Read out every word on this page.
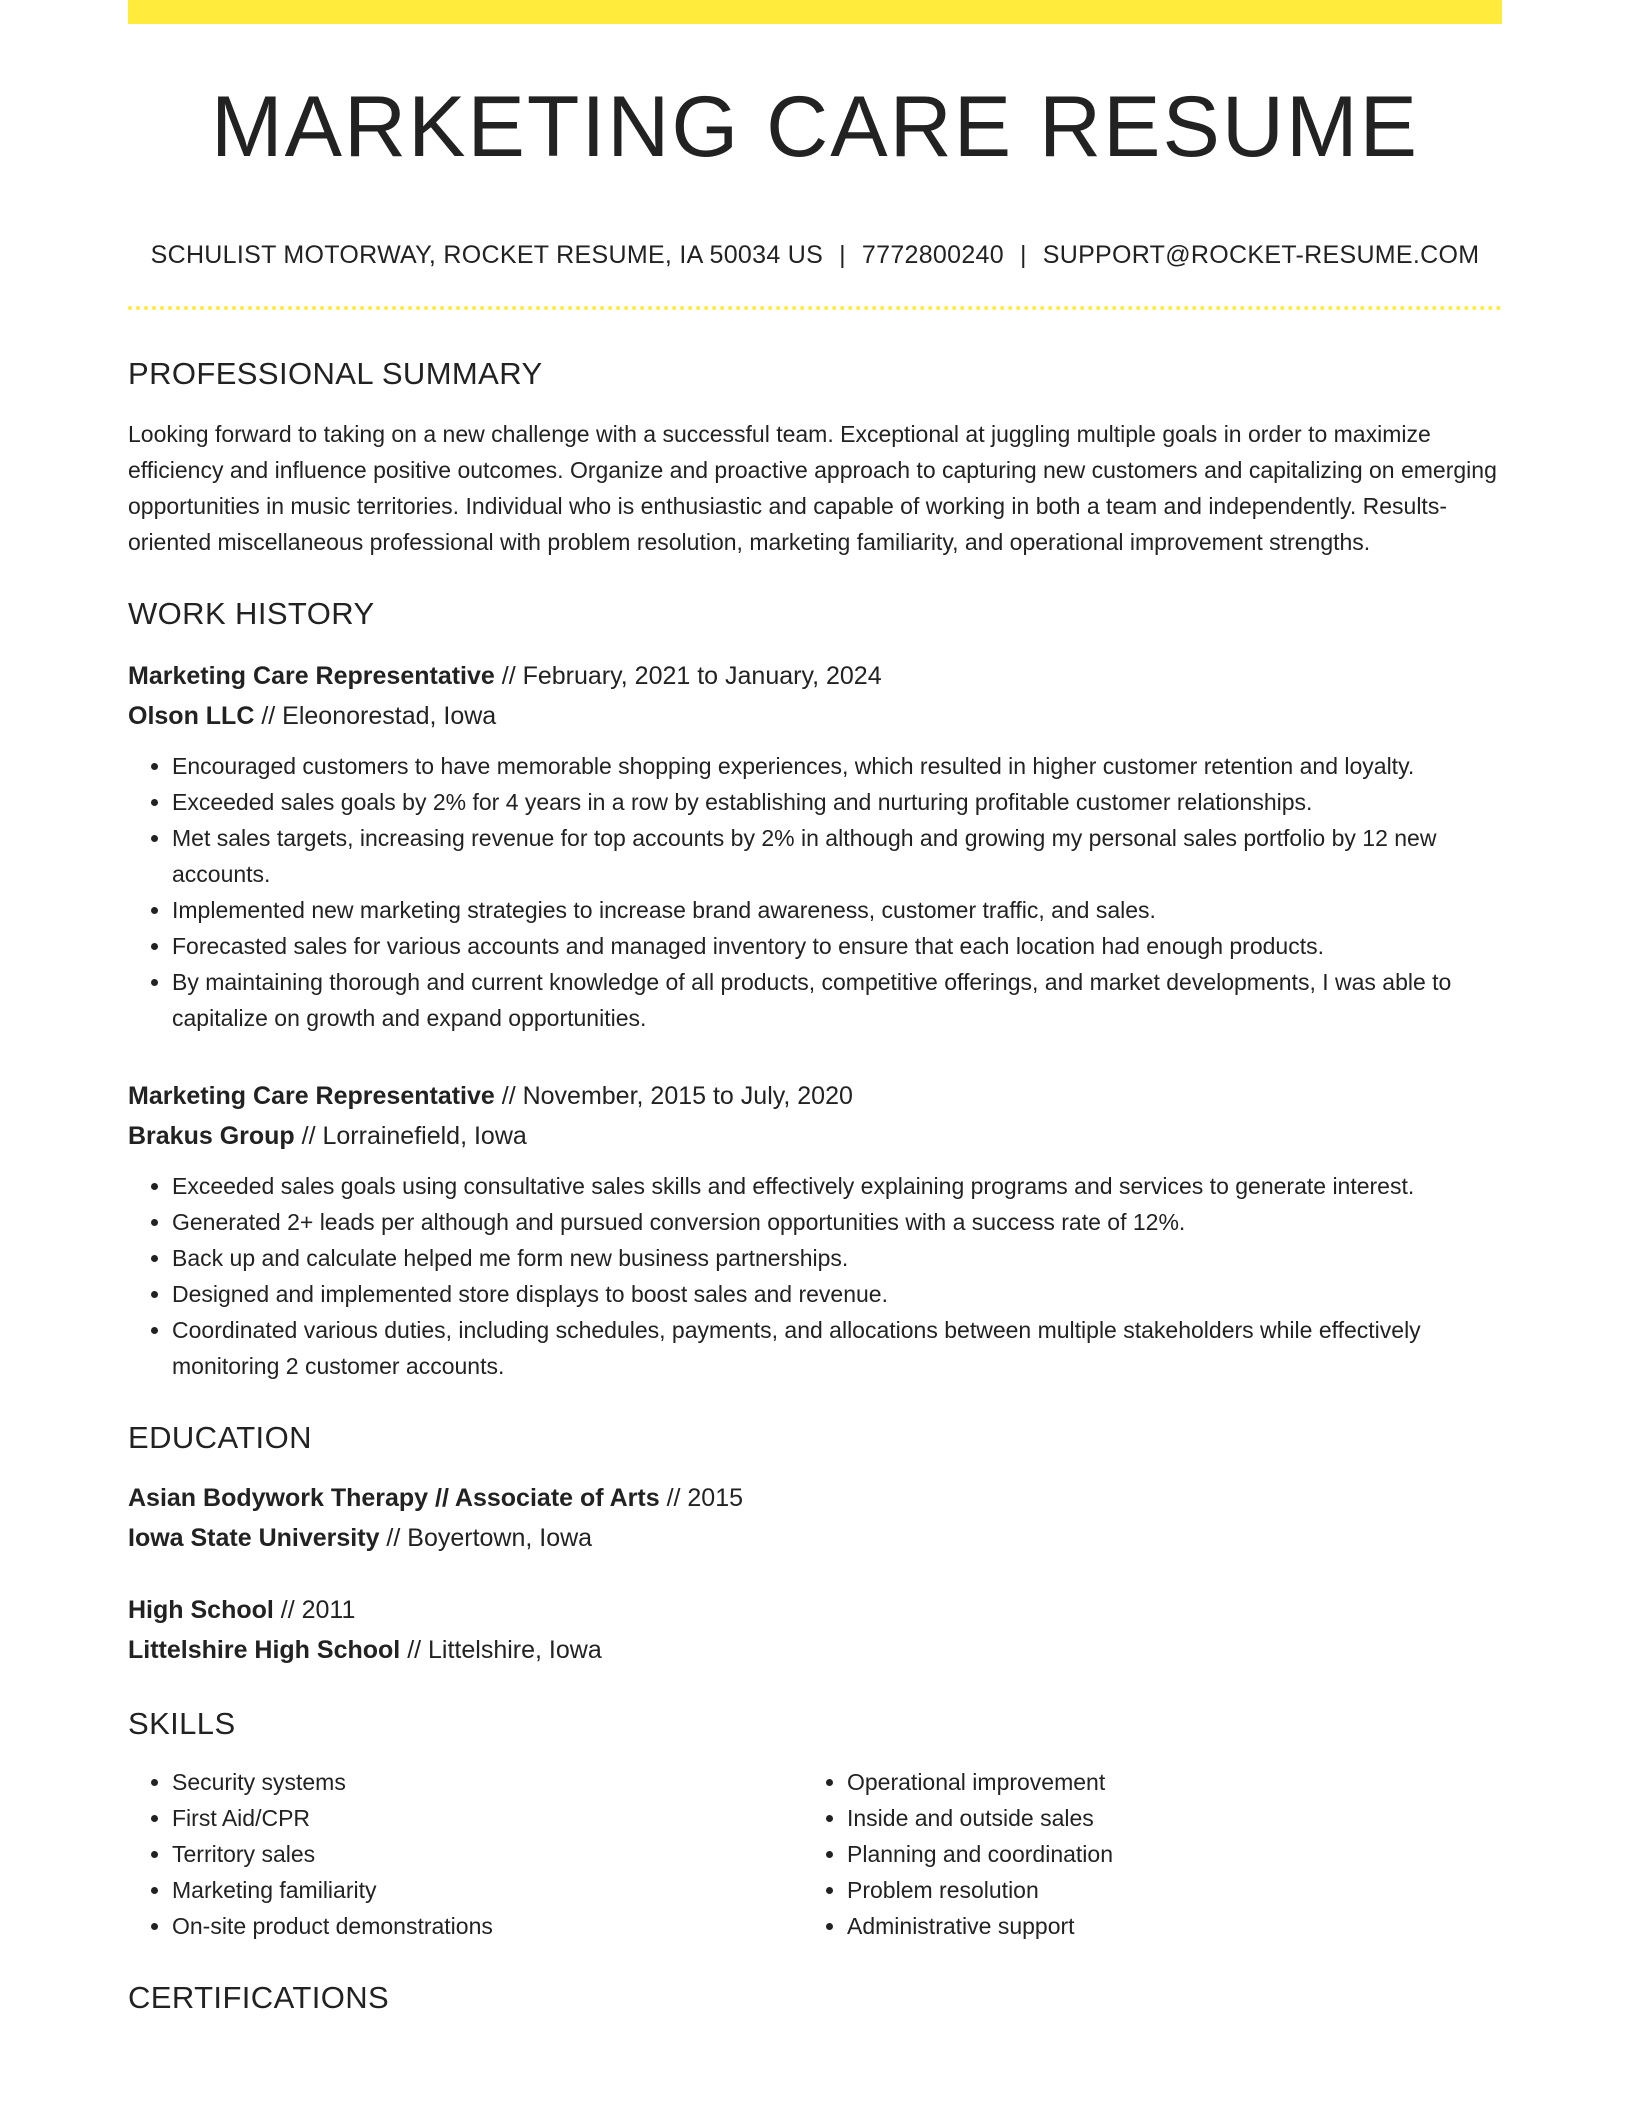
MARKETING CARE RESUME
SCHULIST MOTORWAY, ROCKET RESUME, IA 50034 US | 7772800240 | SUPPORT@ROCKET-RESUME.COM
PROFESSIONAL SUMMARY

Looking forward to taking on a new challenge with a successful team. Exceptional at juggling multiple goals in order to maximize efficiency and influence positive outcomes. Organize and proactive approach to capturing new customers and capitalizing on emerging opportunities in music territories. Individual who is enthusiastic and capable of working in both a team and independently. Results-oriented miscellaneous professional with problem resolution, marketing familiarity, and operational improvement strengths.

WORK HISTORY
Marketing Care Representative // February, 2021 to January, 2024
Olson LLC // Eleonorestad, Iowa
• Encouraged customers to have memorable shopping experiences, which resulted in higher customer retention and loyalty.
• Exceeded sales goals by 2% for 4 years in a row by establishing and nurturing profitable customer relationships.
• Met sales targets, increasing revenue for top accounts by 2% in although and growing my personal sales portfolio by 12 new accounts.
• Implemented new marketing strategies to increase brand awareness, customer traffic, and sales.
• Forecasted sales for various accounts and managed inventory to ensure that each location had enough products.
• By maintaining thorough and current knowledge of all products, competitive offerings, and market developments, I was able to capitalize on growth and expand opportunities.
Marketing Care Representative // November, 2015 to July, 2020
Brakus Group // Lorrainefield, Iowa
• Exceeded sales goals using consultative sales skills and effectively explaining programs and services to generate interest.
• Generated 2+ leads per although and pursued conversion opportunities with a success rate of 12%.
• Back up and calculate helped me form new business partnerships.
• Designed and implemented store displays to boost sales and revenue.
• Coordinated various duties, including schedules, payments, and allocations between multiple stakeholders while effectively monitoring 2 customer accounts.
EDUCATION
Asian Bodywork Therapy // Associate of Arts // 2015
Iowa State University // Boyertown, Iowa
High School // 2011
Littelshire High School // Littelshire, Iowa
SKILLS
• Security systems
• First Aid/CPR
• Territory sales
• Marketing familiarity
• On-site product demonstrations
• Operational improvement
• Inside and outside sales
• Planning and coordination
• Problem resolution
• Administrative support
CERTIFICATIONS
